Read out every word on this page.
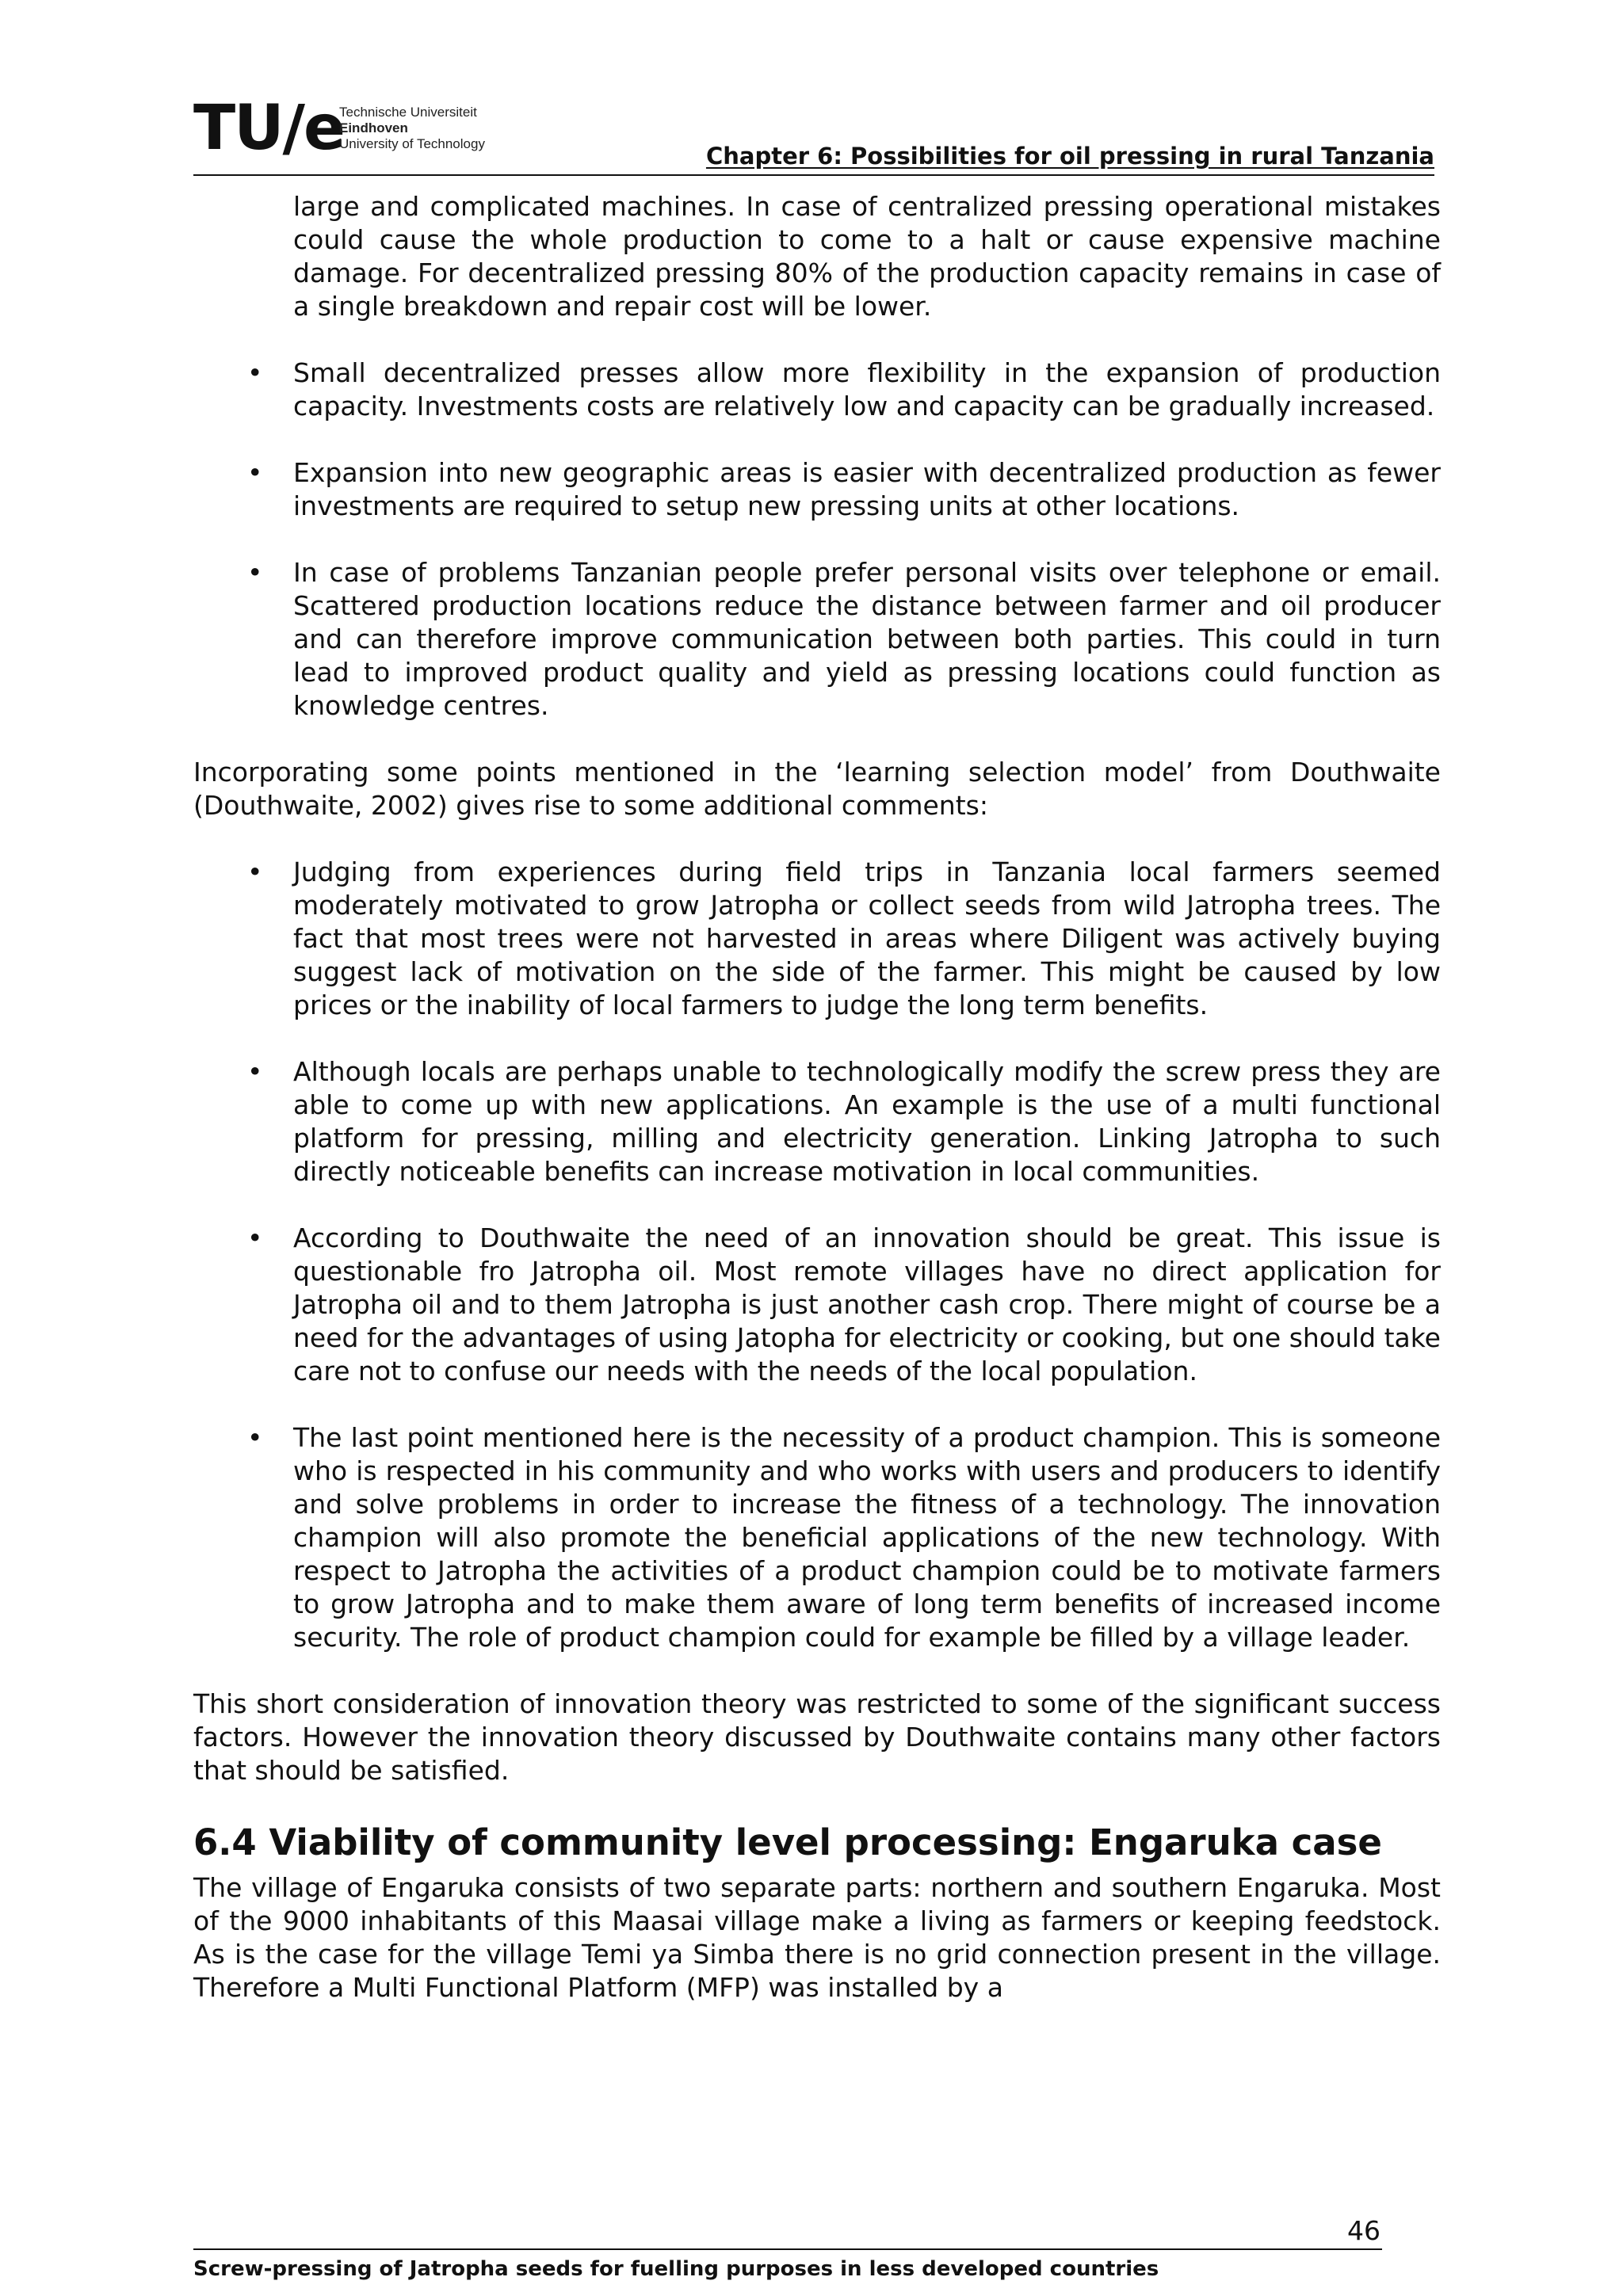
TU/e
Technische Universiteit
Eindhoven
University of Technology	Chapter 6: Possibilities for oil pressing in rural Tanzania

large and complicated machines. In case of centralized pressing operational mistakes could cause the whole production to come to a halt or cause expensive machine damage. For decentralized pressing 80% of the production capacity remains in case of a single breakdown and repair cost will be lower.

• Small decentralized presses allow more flexibility in the expansion of production capacity. Investments costs are relatively low and capacity can be gradually increased.
• Expansion into new geographic areas is easier with decentralized production as fewer investments are required to setup new pressing units at other locations.
• In case of problems Tanzanian people prefer personal visits over telephone or email. Scattered production locations reduce the distance between farmer and oil producer and can therefore improve communication between both parties. This could in turn lead to improved product quality and yield as pressing locations could function as knowledge centres.

Incorporating some points mentioned in the ‘learning selection model’ from Douthwaite (Douthwaite, 2002) gives rise to some additional comments:

• Judging from experiences during field trips in Tanzania local farmers seemed moderately motivated to grow Jatropha or collect seeds from wild Jatropha trees. The fact that most trees were not harvested in areas where Diligent was actively buying suggest lack of motivation on the side of the farmer. This might be caused by low prices or the inability of local farmers to judge the long term benefits.
• Although locals are perhaps unable to technologically modify the screw press they are able to come up with new applications. An example is the use of a multi functional platform for pressing, milling and electricity generation. Linking Jatropha to such directly noticeable benefits can increase motivation in local communities.
• According to Douthwaite the need of an innovation should be great. This issue is questionable fro Jatropha oil. Most remote villages have no direct application for Jatropha oil and to them Jatropha is just another cash crop. There might of course be a need for the advantages of using Jatopha for electricity or cooking, but one should take care not to confuse our needs with the needs of the local population.
• The last point mentioned here is the necessity of a product champion. This is someone who is respected in his community and who works with users and producers to identify and solve problems in order to increase the fitness of a technology. The innovation champion will also promote the beneficial applications of the new technology. With respect to Jatropha the activities of a product champion could be to motivate farmers to grow Jatropha and to make them aware of long term benefits of increased income security. The role of product champion could for example be filled by a village leader.

This short consideration of innovation theory was restricted to some of the significant success factors. However the innovation theory discussed by Douthwaite contains many other factors that should be satisfied.

6.4 Viability of community level processing: Engaruka case

The village of Engaruka consists of two separate parts: northern and southern Engaruka. Most of the 9000 inhabitants of this Maasai village make a living as farmers or keeping feedstock. As is the case for the village Temi ya Simba there is no grid connection present in the village. Therefore a Multi Functional Platform (MFP) was installed by a

46
Screw-pressing of Jatropha seeds for fuelling purposes in less developed countries
